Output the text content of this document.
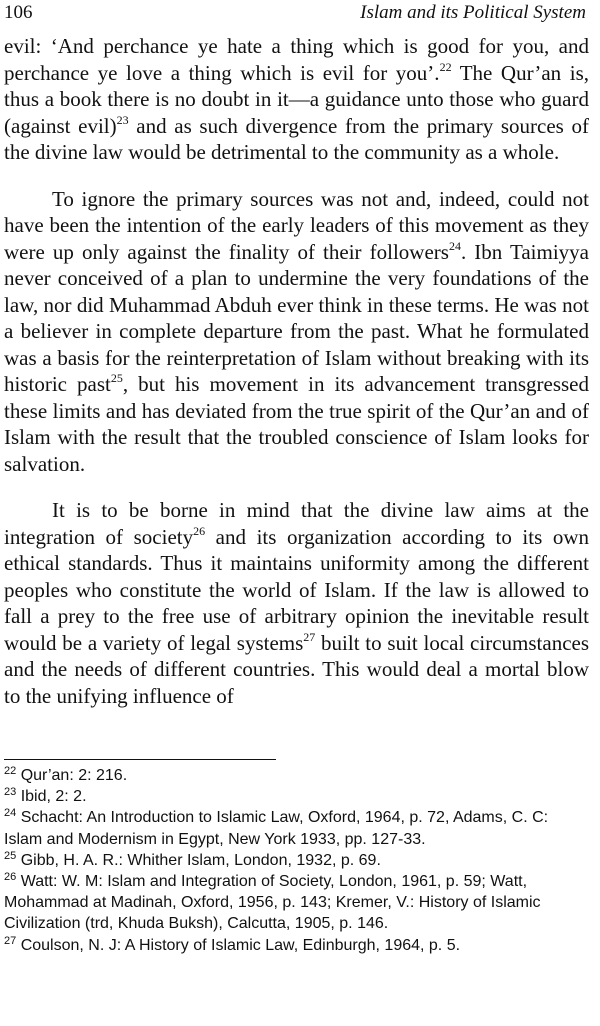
106	Islam and its Political System

evil: ‘And perchance ye hate a thing which is good for you, and perchance ye love a thing which is evil for you’.$^{22}$ The Qur’an is, thus a book there is no doubt in it—a guidance unto those who guard (against evil)$^{23}$ and as such divergence from the primary sources of the divine law would be detrimental to the community as a whole.

To ignore the primary sources was not and, indeed, could not have been the intention of the early leaders of this movement as they were up only against the finality of their followers$^{24}$. Ibn Taimiyya never conceived of a plan to undermine the very foundations of the law, nor did Muhammad Abduh ever think in these terms. He was not a believer in complete departure from the past. What he formulated was a basis for the reinterpretation of Islam without breaking with its historic past$^{25}$, but his movement in its advancement transgressed these limits and has deviated from the true spirit of the Qur’an and of Islam with the result that the troubled conscience of Islam looks for salvation.

It is to be borne in mind that the divine law aims at the integration of society$^{26}$ and its organization according to its own ethical standards. Thus it maintains uniformity among the different peoples who constitute the world of Islam. If the law is allowed to fall a prey to the free use of arbitrary opinion the inevitable result would be a variety of legal systems$^{27}$ built to suit local circumstances and the needs of different countries. This would deal a mortal blow to the unifying influence of

$^{22}$ Qur’an: 2: 216.

$^{23}$ Ibid, 2: 2.

$^{24}$ Schacht: An Introduction to Islamic Law, Oxford, 1964, p. 72, Adams, C. C: Islam and Modernism in Egypt, New York 1933, pp. 127-33.

$^{25}$ Gibb, H. A. R.: Whither Islam, London, 1932, p. 69.

$^{26}$ Watt: W. M: Islam and Integration of Society, London, 1961, p. 59; Watt, Mohammad at Madinah, Oxford, 1956, p. 143; Kremer, V.: History of Islamic Civilization (trd, Khuda Buksh), Calcutta, 1905, p. 146.

$^{27}$ Coulson, N. J: A History of Islamic Law, Edinburgh, 1964, p. 5.
